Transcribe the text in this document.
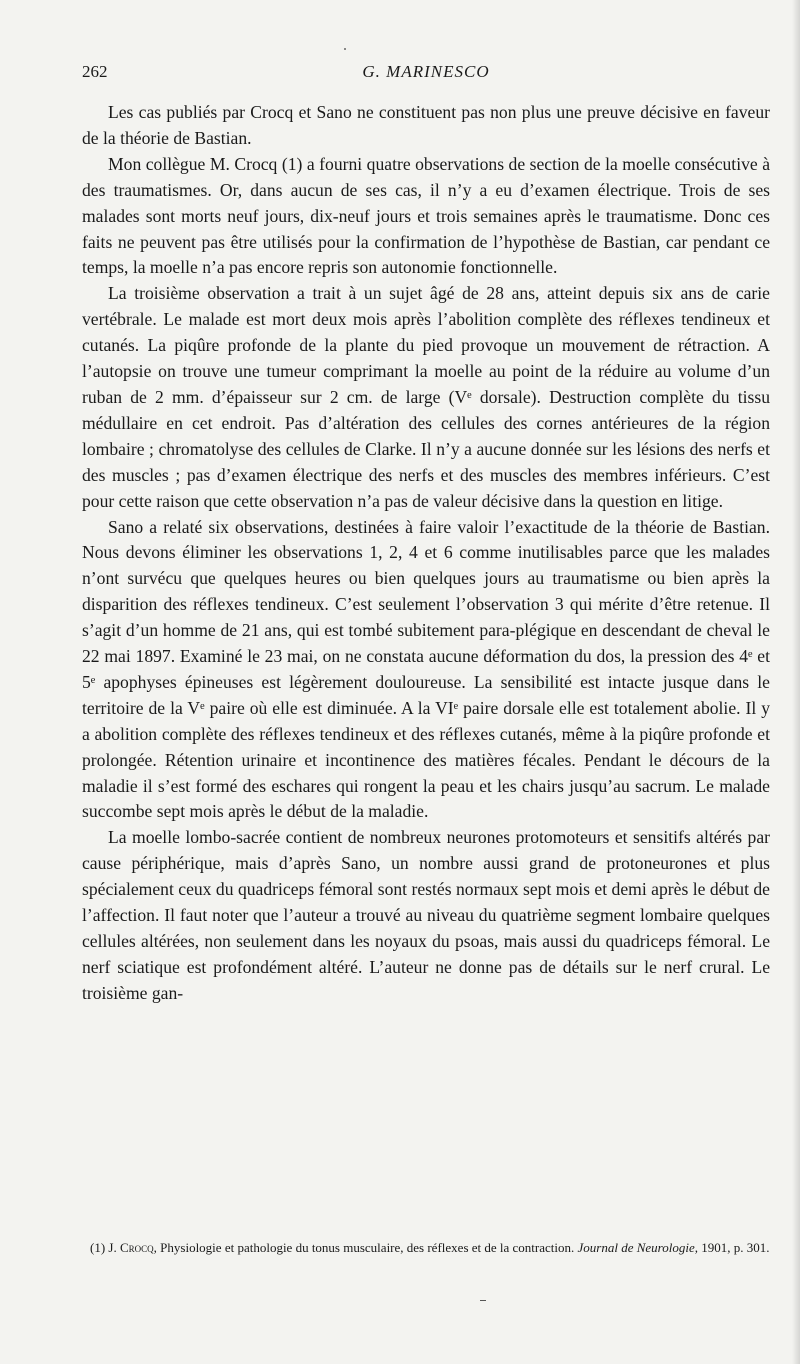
262	G. MARINESCO

Les cas publiés par Crocq et Sano ne constituent pas non plus une preuve décisive en faveur de la théorie de Bastian.

Mon collègue M. Crocq (1) a fourni quatre observations de section de la moelle consécutive à des traumatismes. Or, dans aucun de ses cas, il n’y a eu d’examen électrique. Trois de ses malades sont morts neuf jours, dix-neuf jours et trois semaines après le traumatisme. Donc ces faits ne peuvent pas être utilisés pour la confirmation de l’hypothèse de Bastian, car pendant ce temps, la moelle n’a pas encore repris son autonomie fonctionnelle.

La troisième observation a trait à un sujet âgé de 28 ans, atteint depuis six ans de carie vertébrale. Le malade est mort deux mois après l’abolition complète des réflexes tendineux et cutanés. La piqûre profonde de la plante du pied provoque un mouvement de rétraction. A l’autopsie on trouve une tumeur comprimant la moelle au point de la réduire au volume d’un ruban de 2 mm. d’épaisseur sur 2 cm. de large (Vᵉ dorsale). Destruction complète du tissu médullaire en cet endroit. Pas d’altération des cellules des cornes antérieures de la région lombaire ; chromatolyse des cellules de Clarke. Il n’y a aucune donnée sur les lésions des nerfs et des muscles ; pas d’examen électrique des nerfs et des muscles des membres inférieurs. C’est pour cette raison que cette observation n’a pas de valeur décisive dans la question en litige.

Sano a relaté six observations, destinées à faire valoir l’exactitude de la théorie de Bastian. Nous devons éliminer les observations 1, 2, 4 et 6 comme inutilisables parce que les malades n’ont survécu que quelques heures ou bien quelques jours au traumatisme ou bien après la disparition des réflexes tendineux. C’est seulement l’observation 3 qui mérite d’être retenue. Il s’agit d’un homme de 21 ans, qui est tombé subitement para-plégique en descendant de cheval le 22 mai 1897. Examiné le 23 mai, on ne constata aucune déformation du dos, la pression des 4ᵉ et 5ᵉ apophyses épineuses est légèrement douloureuse. La sensibilité est intacte jusque dans le territoire de la Vᵉ paire où elle est diminuée. A la VIᵉ paire dorsale elle est totalement abolie. Il y a abolition complète des réflexes tendineux et des réflexes cutanés, même à la piqûre profonde et prolongée. Rétention urinaire et incontinence des matières fécales. Pendant le décours de la maladie il s’est formé des eschares qui rongent la peau et les chairs jusqu’au sacrum. Le malade succombe sept mois après le début de la maladie.

La moelle lombo-sacrée contient de nombreux neurones protomoteurs et sensitifs altérés par cause périphérique, mais d’après Sano, un nombre aussi grand de protoneurones et plus spécialement ceux du quadriceps fémoral sont restés normaux sept mois et demi après le début de l’affection. Il faut noter que l’auteur a trouvé au niveau du quatrième segment lombaire quelques cellules altérées, non seulement dans les noyaux du psoas, mais aussi du quadriceps fémoral. Le nerf sciatique est profondément altéré. L’auteur ne donne pas de détails sur le nerf crural. Le troisième gan-

(1) J. Crocq, Physiologie et pathologie du tonus musculaire, des réflexes et de la contraction. Journal de Neurologie, 1901, p. 301.
